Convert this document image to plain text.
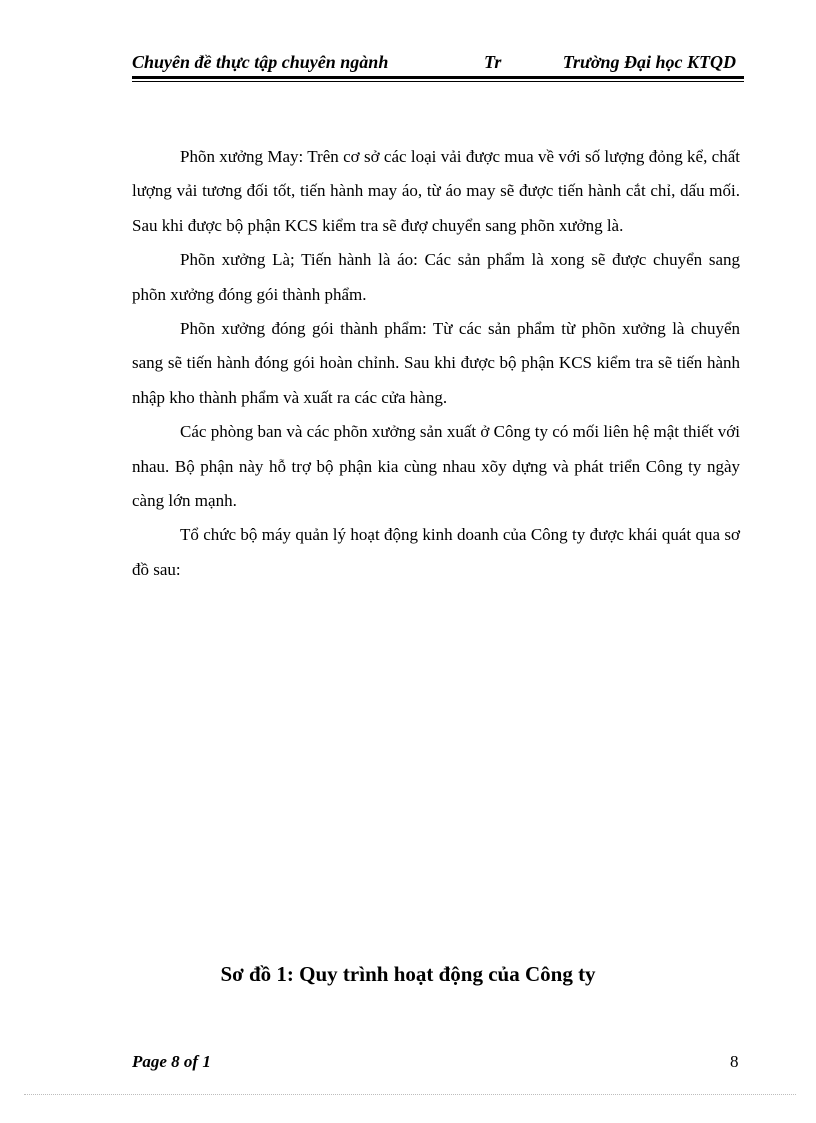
Chuyên đề thực tập chuyên ngành	Tr	Trường Đại học KTQD

Phõn xưởng May: Trên cơ sở các loại vải được mua về với số lượng đỏng kể, chất lượng vải tương đối tốt, tiến hành may áo, từ áo may sẽ được tiến hành cắt chỉ, dấu mối. Sau khi được bộ phận KCS kiểm tra sẽ đượ chuyển sang phõn xưởng là.

Phõn xưởng Là; Tiến hành là áo: Các sản phẩm là xong sẽ được chuyển sang phõn xưởng đóng gói thành phẩm.

Phõn xưởng đóng gói thành phẩm: Từ các sản phẩm từ phõn xưởng là chuyển sang sẽ tiến hành đóng gói hoàn chỉnh. Sau khi được bộ phận KCS kiểm tra sẽ tiến hành nhập kho thành phẩm và xuất ra các cửa hàng.

Các phòng ban và các phõn xưởng sản xuất ở Công ty có mối liên hệ mật thiết với nhau. Bộ phận này hỗ trợ bộ phận kia cùng nhau xõy dựng và phát triển Công ty ngày càng lớn mạnh.

Tổ chức bộ máy quản lý hoạt động kinh doanh của Công ty được khái quát qua sơ đồ sau:

Sơ đồ 1: Quy trình hoạt động của Công ty
Page 8 of 1	8
